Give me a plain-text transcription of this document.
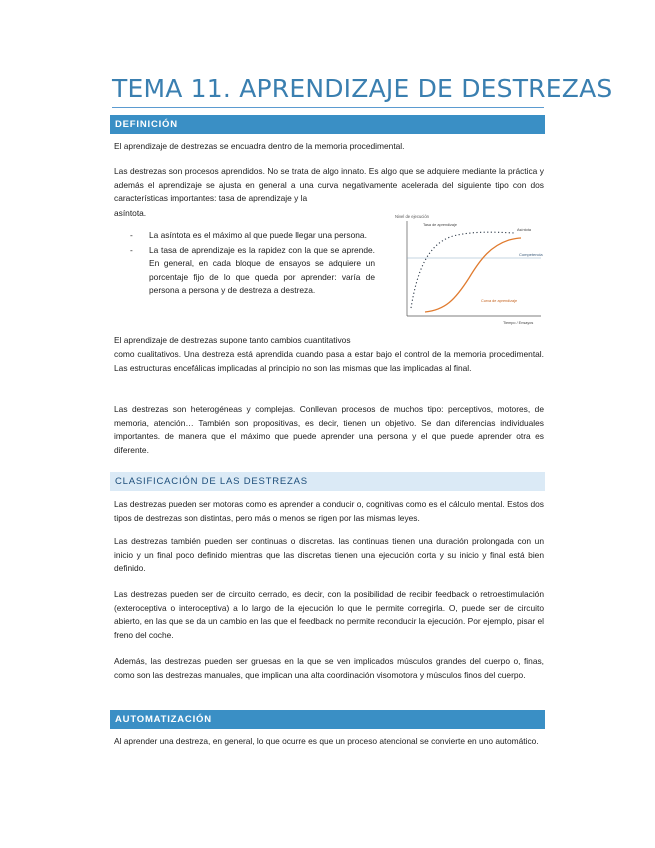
TEMA 11. APRENDIZAJE DE DESTREZAS
DEFINICIÓN

El aprendizaje de destrezas se encuadra dentro de la memoria procedimental.

Las destrezas son procesos aprendidos. No se trata de algo innato. Es algo que se adquiere mediante la práctica y además el aprendizaje se ajusta en general a una curva negativamente acelerada del siguiente tipo con dos características importantes: tasa de aprendizaje y la

asíntota.

- La asíntota es el máximo al que puede llegar una persona.
- La tasa de aprendizaje es la rapidez con la que se aprende. En general, en cada bloque de ensayos se adquiere un porcentaje fijo de lo que queda por aprender: varía de persona a persona y de destreza a destreza.
Nivel de ejecución
Competencia
Tasa de aprendizaje
Asíntota
Curva de aprendizaje
Tiempo / Ensayos

El aprendizaje de destrezas supone tanto cambios cuantitativos

como cualitativos. Una destreza está aprendida cuando pasa a estar bajo el control de la memoria procedimental. Las estructuras encefálicas implicadas al principio no son las mismas que las implicadas al final.

Las destrezas son heterogéneas y complejas. Conllevan procesos de muchos tipo: perceptivos, motores, de memoria, atención… También son propositivas, es decir, tienen un objetivo. Se dan diferencias individuales importantes. de manera que el máximo que puede aprender una persona y el que puede aprender otra es diferente.

CLASIFICACIÓN DE LAS DESTREZAS

Las destrezas pueden ser motoras como es aprender a conducir o, cognitivas como es el cálculo mental. Estos dos tipos de destrezas son distintas, pero más o menos se rigen por las mismas leyes.

Las destrezas también pueden ser continuas o discretas. las continuas tienen una duración prolongada con un inicio y un final poco definido mientras que las discretas tienen una ejecución corta y su inicio y final está bien definido.

Las destrezas pueden ser de circuito cerrado, es decir, con la posibilidad de recibir feedback o retroestimulación (exteroceptiva o interoceptiva) a lo largo de la ejecución lo que le permite corregirla. O, puede ser de circuito abierto, en las que se da un cambio en las que el feedback no permite reconducir la ejecución. Por ejemplo, pisar el freno del coche.

Además, las destrezas pueden ser gruesas en la que se ven implicados músculos grandes del cuerpo o, finas, como son las destrezas manuales, que implican una alta coordinación visomotora y músculos finos del cuerpo.

AUTOMATIZACIÓN

Al aprender una destreza, en general, lo que ocurre es que un proceso atencional se convierte en uno automático.
